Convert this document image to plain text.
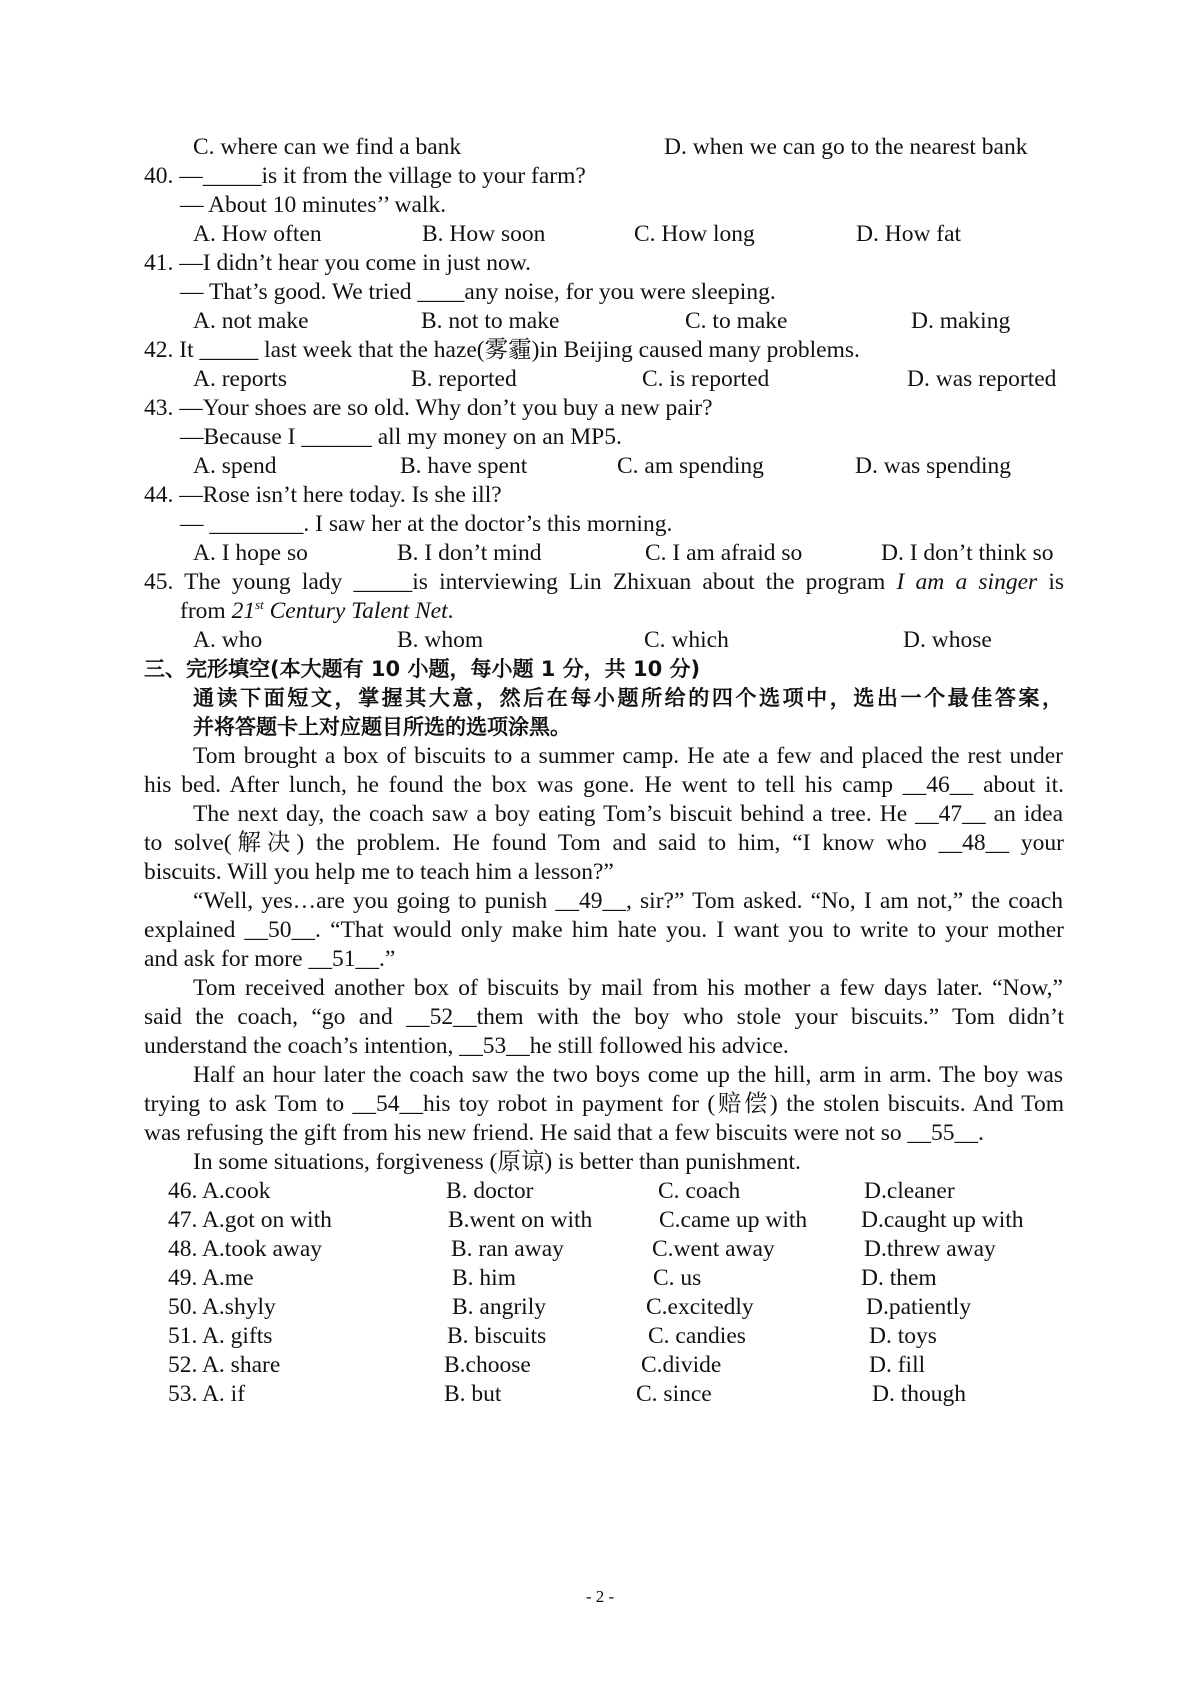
C. where can we find a bank	D. when we can go to the nearest bank
40. —_____is it from the village to your farm?
— About 10 minutes’’ walk.
A. How often	B. How soon	C. How long	D. How fat
41. —I didn’t hear you come in just now.
— That’s good. We tried ____any noise, for you were sleeping.
A. not make	B. not to make	C. to make	D. making
42. It _____ last week that the haze(雾霾)in Beijing caused many problems.
A. reports	B. reported	C. is reported	D. was reported
43. —Your shoes are so old. Why don’t you buy a new pair?
—Because I ______ all my money on an MP5.
A. spend	B. have spent	C. am spending	D. was spending
44. —Rose isn’t here today. Is she ill?
— ________. I saw her at the doctor’s this morning.
A. I hope so	B. I don’t mind	C. I am afraid so	D. I don’t think so
45. The young lady _____is interviewing Lin Zhixuan about the program I am a singer is
from 21st Century Talent Net.
A. who	B. whom	C. which	D. whose
三、完形填空(本大题有 10 小题，每小题 1 分，共 10 分)
通读下面短文，掌握其大意，然后在每小题所给的四个选项中，选出一个最佳答案，
并将答题卡上对应题目所选的选项涂黑。
Tom brought a box of biscuits to a summer camp. He ate a few and placed the rest under
his bed. After lunch, he found the box was gone. He went to tell his camp __46__ about it.
The next day, the coach saw a boy eating Tom’s biscuit behind a tree. He __47__ an idea
to solve(解决) the problem. He found Tom and said to him, “I know who __48__ your
biscuits. Will you help me to teach him a lesson?”
“Well, yes…are you going to punish __49__, sir?” Tom asked. “No, I am not,” the coach
explained __50__. “That would only make him hate you. I want you to write to your mother
and ask for more __51__.”
Tom received another box of biscuits by mail from his mother a few days later. “Now,”
said the coach, “go and __52__them with the boy who stole your biscuits.” Tom didn’t
understand the coach’s intention, __53__he still followed his advice.
Half an hour later the coach saw the two boys come up the hill, arm in arm. The boy was
trying to ask Tom to __54__his toy robot in payment for (赔偿) the stolen biscuits. And Tom
was refusing the gift from his new friend. He said that a few biscuits were not so __55__.
In some situations, forgiveness (原谅) is better than punishment.
46. A.cook	B. doctor	C. coach	D.cleaner
47. A.got on with	B.went on with	C.came up with D.caught up with
48. A.took away	B. ran away	C.went away	D.threw away
49. A.me	B. him	C. us	D. them
50. A.shyly	B. angrily	C.excitedly	D.patiently
51. A. gifts	B. biscuits	C. candies	D. toys
52. A. share	B.choose	C.divide	D. fill
53. A. if	B. but	C. since	D. though
- 2 -
